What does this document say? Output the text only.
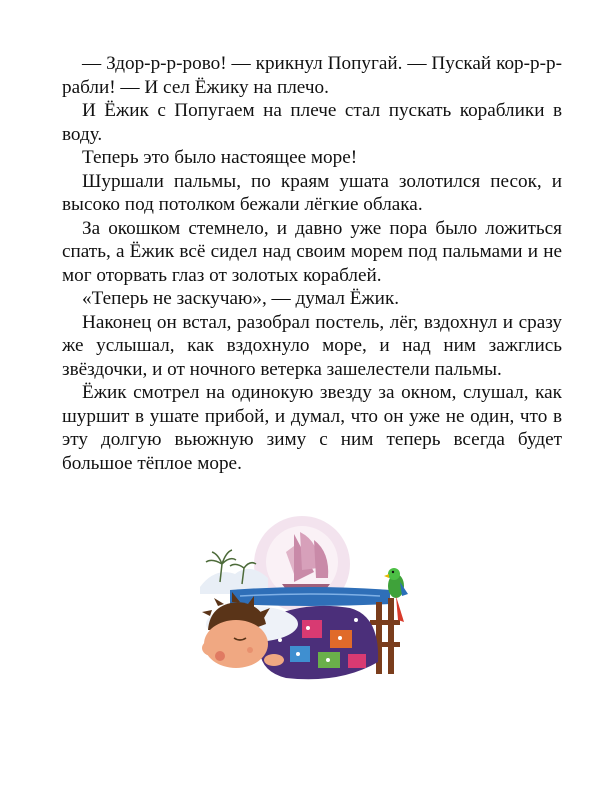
— Здор-р-р-рово! — крикнул Попугай. — Пускай кор-р-р-рабли! — И сел Ёжику на плечо.

И Ёжик с Попугаем на плече стал пускать кораблики в воду.

Теперь это было настоящее море!

Шуршали пальмы, по краям ушата золотился песок, и высоко под потолком бежали лёгкие облака.

За окошком стемнело, и давно уже пора было ложиться спать, а Ёжик всё сидел над своим морем под пальмами и не мог оторвать глаз от золотых кораблей.

«Теперь не заскучаю», — думал Ёжик.

Наконец он встал, разобрал постель, лёг, вздохнул и сразу же услышал, как вздохнуло море, и над ним зажглись звёздочки, и от ночного ветерка зашелестели пальмы.

Ёжик смотрел на одинокую звезду за окном, слушал, как шуршит в ушате прибой, и думал, что он уже не один, что в эту долгую вьюжную зиму с ним теперь всегда будет большое тёплое море.
